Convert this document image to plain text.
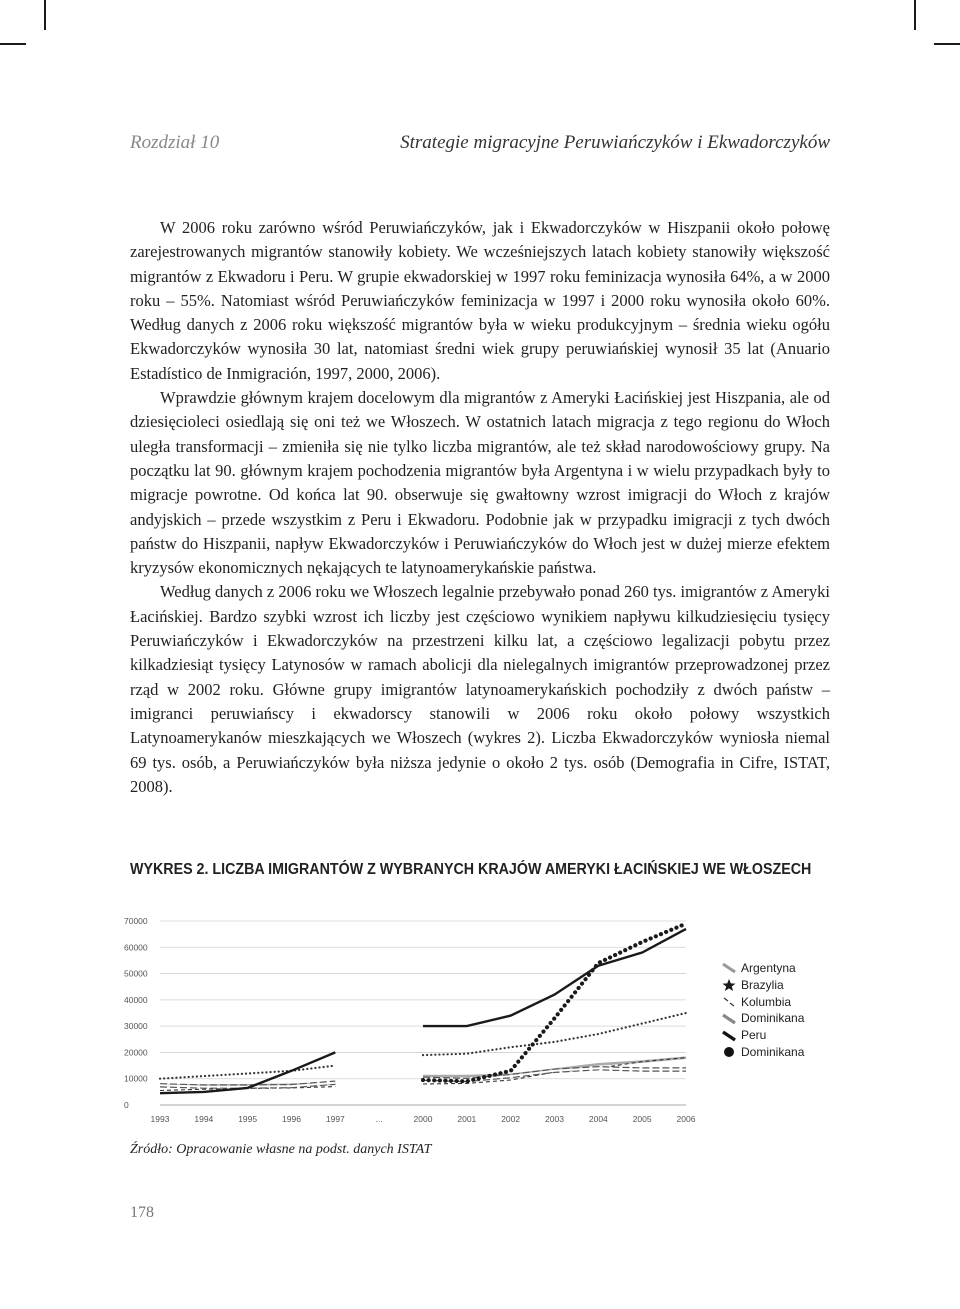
Rozdział 10	Strategie migracyjne Peruwiańczyków i Ekwadorczyków

W 2006 roku zarówno wśród Peruwiańczyków, jak i Ekwadorczyków w Hiszpanii około połowę zarejestrowanych migrantów stanowiły kobiety. We wcześniejszych latach kobiety stanowiły większość migrantów z Ekwadoru i Peru. W grupie ekwadorskiej w 1997 roku feminizacja wynosiła 64%, a w 2000 roku – 55%. Natomiast wśród Peruwiańczyków feminizacja w 1997 i 2000 roku wynosiła około 60%. Według danych z 2006 roku większość migrantów była w wieku produkcyjnym – średnia wieku ogółu Ekwadorczyków wynosiła 30 lat, natomiast średni wiek grupy peruwiańskiej wynosił 35 lat (Anuario Estadístico de Inmigración, 1997, 2000, 2006).

Wprawdzie głównym krajem docelowym dla migrantów z Ameryki Łacińskiej jest Hiszpania, ale od dziesięcioleci osiedlają się oni też we Włoszech. W ostatnich latach migracja z tego regionu do Włoch uległa transformacji – zmieniła się nie tylko liczba migrantów, ale też skład narodowościowy grupy. Na początku lat 90. głównym krajem pochodzenia migrantów była Argentyna i w wielu przypadkach były to migracje powrotne. Od końca lat 90. obserwuje się gwałtowny wzrost imigracji do Włoch z krajów andyjskich – przede wszystkim z Peru i Ekwadoru. Podobnie jak w przypadku imigracji z tych dwóch państw do Hiszpanii, napływ Ekwadorczyków i Peruwiańczyków do Włoch jest w dużej mierze efektem kryzysów ekonomicznych nękających te latynoamerykańskie państwa.

Według danych z 2006 roku we Włoszech legalnie przebywało ponad 260 tys. imigrantów z Ameryki Łacińskiej. Bardzo szybki wzrost ich liczby jest częściowo wynikiem napływu kilkudziesięciu tysięcy Peruwiańczyków i Ekwadorczyków na przestrzeni kilku lat, a częściowo legalizacji pobytu przez kilkadziesiąt tysięcy Latynosów w ramach abolicji dla nielegalnych imigrantów przeprowadzonej przez rząd w 2002 roku. Główne grupy imigrantów latynoamerykańskich pochodziły z dwóch państw – imigranci peruwiańscy i ekwadorscy stanowili w 2006 roku około połowy wszystkich Latynoamerykanów mieszkających we Włoszech (wykres 2). Liczba Ekwadorczyków wyniosła niemal 69 tys. osób, a Peruwiańczyków była niższa jedynie o około 2 tys. osób (Demografia in Cifre, ISTAT, 2008).

WYKRES 2. LICZBA IMIGRANTÓW Z WYBRANYCH KRAJÓW AMERYKI ŁACIŃSKIEJ WE WŁOSZECH
0
10000
20000
30000
40000
50000
60000
70000
1993	1994	1995	1996	1997	...	2000	2001	2002	2003	2004	2005	2006
Argentyna
Brazylia
Kolumbia
Dominikana
Peru
Dominikana
Źródło: Opracowanie własne na podst. danych ISTAT
178
